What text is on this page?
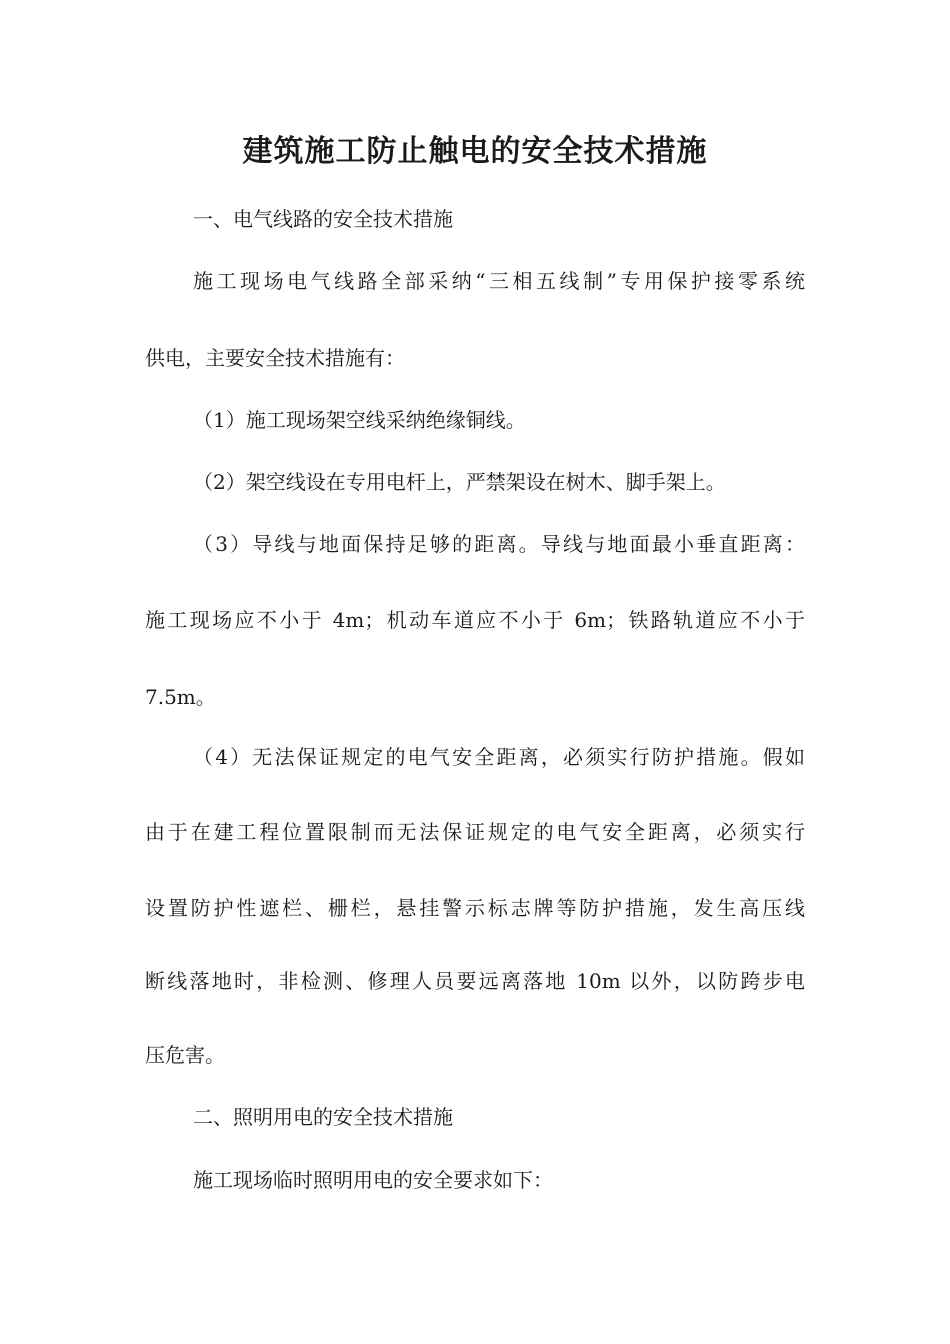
建筑施工防止触电的安全技术措施

一、电气线路的安全技术措施

施工现场电气线路全部采纳“三相五线制”专用保护接零系统

供电，主要安全技术措施有：

（1）施工现场架空线采纳绝缘铜线。

（2）架空线设在专用电杆上，严禁架设在树木、脚手架上。

（3）导线与地面保持足够的距离。导线与地面最小垂直距离：

施工现场应不小于 4m；机动车道应不小于 6m；铁路轨道应不小于

7.5m。

（4）无法保证规定的电气安全距离，必须实行防护措施。假如

由于在建工程位置限制而无法保证规定的电气安全距离，必须实行

设置防护性遮栏、栅栏，悬挂警示标志牌等防护措施，发生高压线

断线落地时，非检测、修理人员要远离落地 10m 以外，以防跨步电

压危害。

二、照明用电的安全技术措施

施工现场临时照明用电的安全要求如下：
